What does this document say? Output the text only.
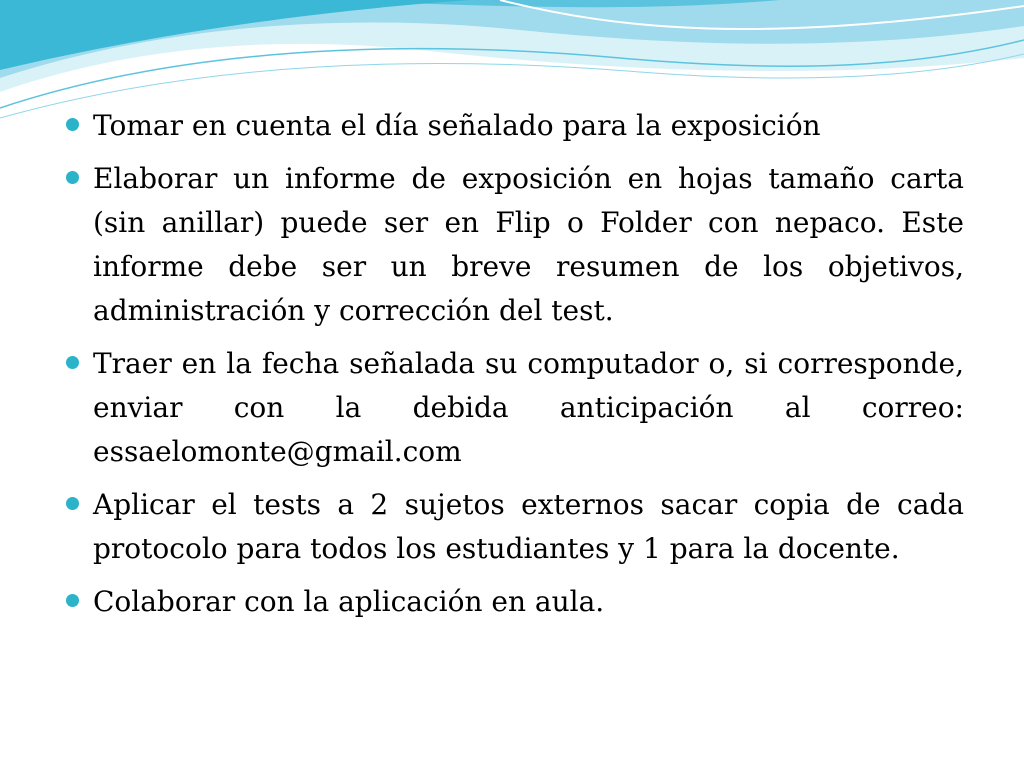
Tomar en cuenta el día señalado para la exposición
Elaborar un informe de exposición en hojas tamaño carta (sin anillar) puede ser en Flip o Folder con nepaco. Este informe debe ser un breve resumen de los objetivos, administración y corrección del test.
Traer en la fecha señalada su computador o, si corresponde, enviar con la debida anticipación al correo: essaelomonte@gmail.com
Aplicar el tests a 2 sujetos externos sacar copia de cada protocolo para todos los estudiantes y 1 para la docente.
Colaborar con la aplicación en aula.
